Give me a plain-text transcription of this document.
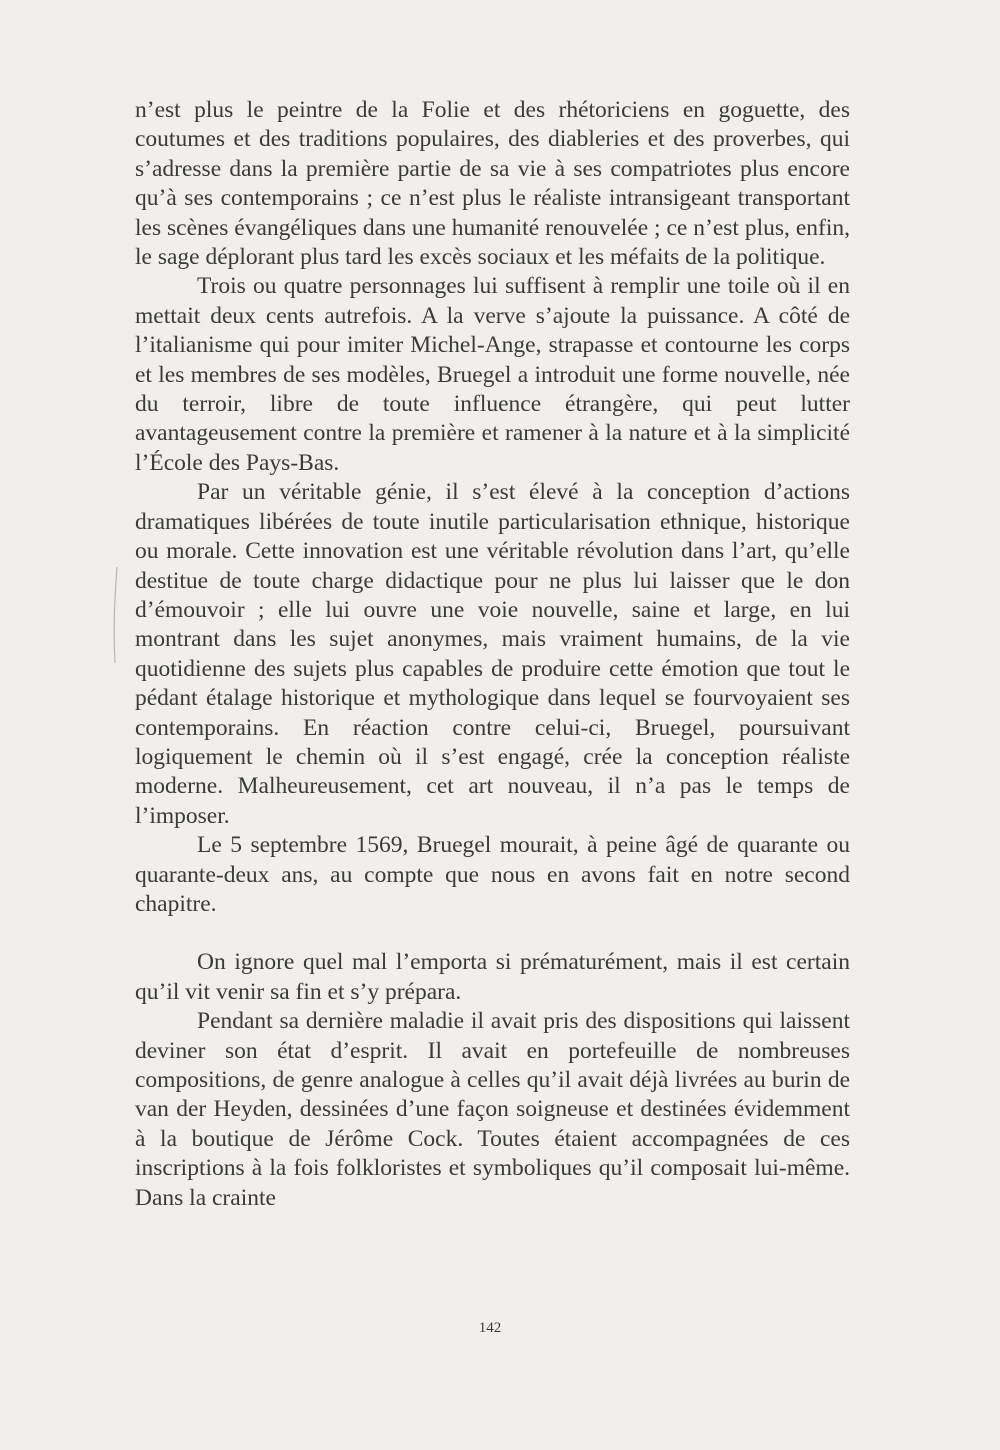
n’est plus le peintre de la Folie et des rhétoriciens en goguette, des coutumes et des traditions populaires, des diableries et des proverbes, qui s’adresse dans la première partie de sa vie à ses compatriotes plus encore qu’à ses contemporains ; ce n’est plus le réaliste intransigeant transportant les scènes évangéliques dans une humanité renouvelée ; ce n’est plus, enfin, le sage déplorant plus tard les excès sociaux et les méfaits de la politique.

Trois ou quatre personnages lui suffisent à remplir une toile où il en mettait deux cents autrefois. A la verve s’ajoute la puissance. A côté de l’italianisme qui pour imiter Michel-Ange, strapasse et contourne les corps et les membres de ses modèles, Bruegel a introduit une forme nouvelle, née du terroir, libre de toute influence étrangère, qui peut lutter avantageusement contre la première et ramener à la nature et à la simplicité l’École des Pays-Bas.

Par un véritable génie, il s’est élevé à la conception d’actions dramatiques libérées de toute inutile particularisation ethnique, historique ou morale. Cette innovation est une véritable révolution dans l’art, qu’elle destitue de toute charge didactique pour ne plus lui laisser que le don d’émouvoir ; elle lui ouvre une voie nouvelle, saine et large, en lui montrant dans les sujet anonymes, mais vraiment humains, de la vie quotidienne des sujets plus capables de produire cette émotion que tout le pédant étalage historique et mythologique dans lequel se fourvoyaient ses contemporains. En réaction contre celui-ci, Bruegel, poursuivant logiquement le chemin où il s’est engagé, crée la conception réaliste moderne. Malheureusement, cet art nouveau, il n’a pas le temps de l’imposer.

Le 5 septembre 1569, Bruegel mourait, à peine âgé de quarante ou quarante-deux ans, au compte que nous en avons fait en notre second chapitre.

On ignore quel mal l’emporta si prématurément, mais il est certain qu’il vit venir sa fin et s’y prépara.

Pendant sa dernière maladie il avait pris des dispositions qui laissent deviner son état d’esprit. Il avait en portefeuille de nombreuses compositions, de genre analogue à celles qu’il avait déjà livrées au burin de van der Heyden, dessinées d’une façon soigneuse et destinées évidemment à la boutique de Jérôme Cock. Toutes étaient accompagnées de ces inscriptions à la fois folkloristes et symboliques qu’il composait lui-même. Dans la crainte

142
